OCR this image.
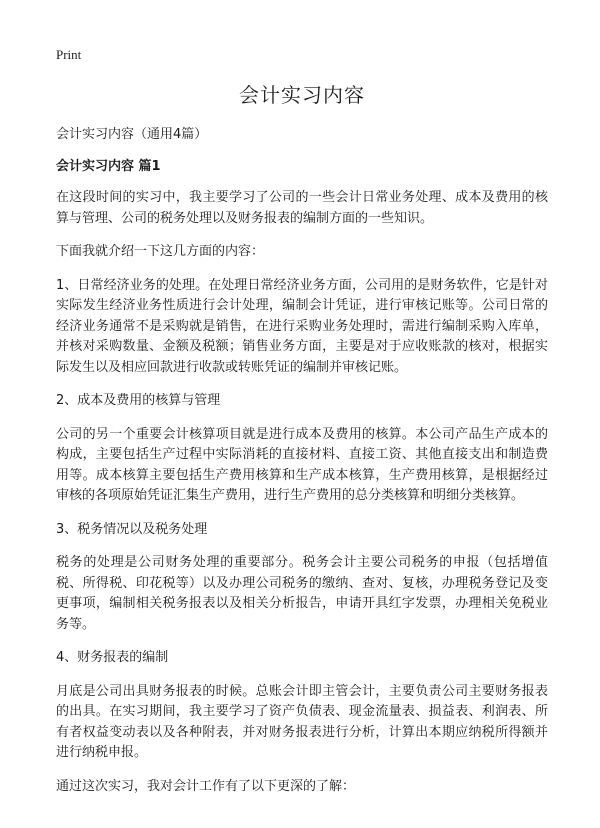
Print
会计实习内容

会计实习内容（通用4篇）

会计实习内容 篇1

在这段时间的实习中，我主要学习了公司的一些会计日常业务处理、成本及费用的核算与管理、公司的税务处理以及财务报表的编制方面的一些知识。

下面我就介绍一下这几方面的内容：

1、日常经济业务的处理。在处理日常经济业务方面，公司用的是财务软件，它是针对实际发生经济业务性质进行会计处理，编制会计凭证，进行审核记账等。公司日常的经济业务通常不是采购就是销售，在进行采购业务处理时，需进行编制采购入库单，并核对采购数量、金额及税额；销售业务方面，主要是对于应收账款的核对，根据实际发生以及相应回款进行收款或转账凭证的编制并审核记账。

2、成本及费用的核算与管理

公司的另一个重要会计核算项目就是进行成本及费用的核算。本公司产品生产成本的构成，主要包括生产过程中实际消耗的直接材料、直接工资、其他直接支出和制造费用等。成本核算主要包括生产费用核算和生产成本核算，生产费用核算，是根据经过审核的各项原始凭证汇集生产费用，进行生产费用的总分类核算和明细分类核算。

3、税务情况以及税务处理

税务的处理是公司财务处理的重要部分。税务会计主要公司税务的申报（包括增值税、所得税、印花税等）以及办理公司税务的缴纳、查对、复核，办理税务登记及变更事项，编制相关税务报表以及相关分析报告，申请开具红字发票，办理相关免税业务等。

4、财务报表的编制

月底是公司出具财务报表的时候。总账会计即主管会计，主要负责公司主要财务报表的出具。在实习期间，我主要学习了资产负债表、现金流量表、损益表、利润表、所有者权益变动表以及各种附表，并对财务报表进行分析，计算出本期应纳税所得额并进行纳税申报。

通过这次实习，我对会计工作有了以下更深的了解：
